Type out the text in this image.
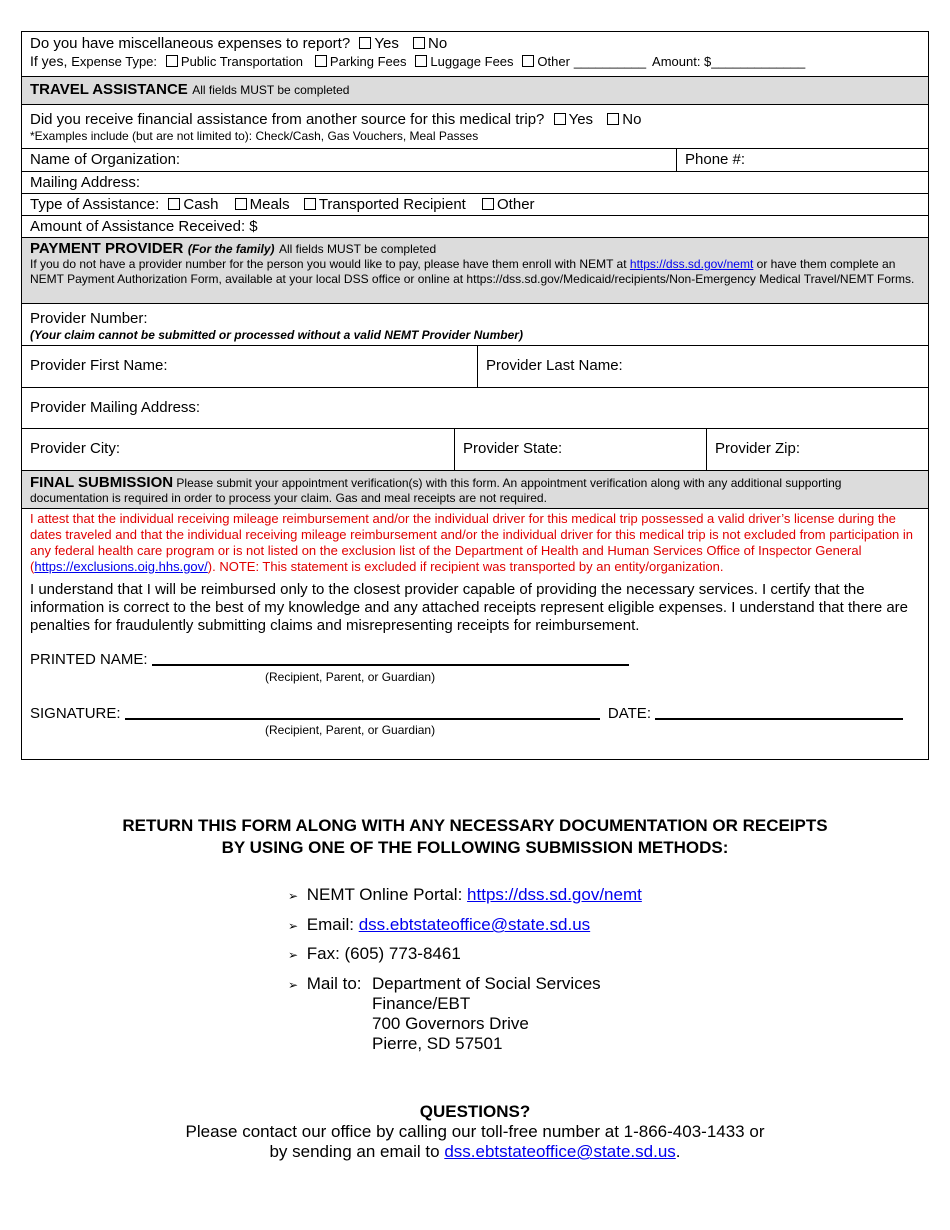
Do you have miscellaneous expenses to report? Yes No
If yes, Expense Type: Public Transportation Parking Fees Luggage Fees Other __________ Amount: $_____________
TRAVEL ASSISTANCE All fields MUST be completed
Did you receive financial assistance from another source for this medical trip? Yes No
*Examples include (but are not limited to): Check/Cash, Gas Vouchers, Meal Passes
Name of Organization:	Phone #:
Mailing Address:
Type of Assistance: Cash Meals Transported Recipient Other
Amount of Assistance Received: $
PAYMENT PROVIDER (For the family) All fields MUST be completed
If you do not have a provider number for the person you would like to pay, please have them enroll with NEMT at https://dss.sd.gov/nemt or have them complete an NEMT Payment Authorization Form, available at your local DSS office or online at https://dss.sd.gov/Medicaid/recipients/Non-Emergency Medical Travel/NEMT Forms.
Provider Number:
(Your claim cannot be submitted or processed without a valid NEMT Provider Number)
Provider First Name:	Provider Last Name:
Provider Mailing Address:
Provider City:	Provider State:	Provider Zip:
FINAL SUBMISSION Please submit your appointment verification(s) with this form. An appointment verification along with any additional supporting documentation is required in order to process your claim. Gas and meal receipts are not required.
I attest that the individual receiving mileage reimbursement and/or the individual driver for this medical trip possessed a valid driver’s license during the dates traveled and that the individual receiving mileage reimbursement and/or the individual driver for this medical trip is not excluded from participation in any federal health care program or is not listed on the exclusion list of the Department of Health and Human Services Office of Inspector General (https://exclusions.oig.hhs.gov/). NOTE: This statement is excluded if recipient was transported by an entity/organization.
I understand that I will be reimbursed only to the closest provider capable of providing the necessary services. I certify that the information is correct to the best of my knowledge and any attached receipts represent eligible expenses. I understand that there are penalties for fraudulently submitting claims and misrepresenting receipts for reimbursement.
PRINTED NAME:
(Recipient, Parent, or Guardian)
SIGNATURE:	DATE:
(Recipient, Parent, or Guardian)
RETURN THIS FORM ALONG WITH ANY NECESSARY DOCUMENTATION OR RECEIPTS
BY USING ONE OF THE FOLLOWING SUBMISSION METHODS:
➢ NEMT Online Portal: https://dss.sd.gov/nemt
➢ Email: dss.ebtstateoffice@state.sd.us
➢ Fax: (605) 773-8461
➢ Mail to: Department of Social Services
Finance/EBT
700 Governors Drive
Pierre, SD 57501
QUESTIONS?
Please contact our office by calling our toll-free number at 1-866-403-1433 or
by sending an email to dss.ebtstateoffice@state.sd.us.
